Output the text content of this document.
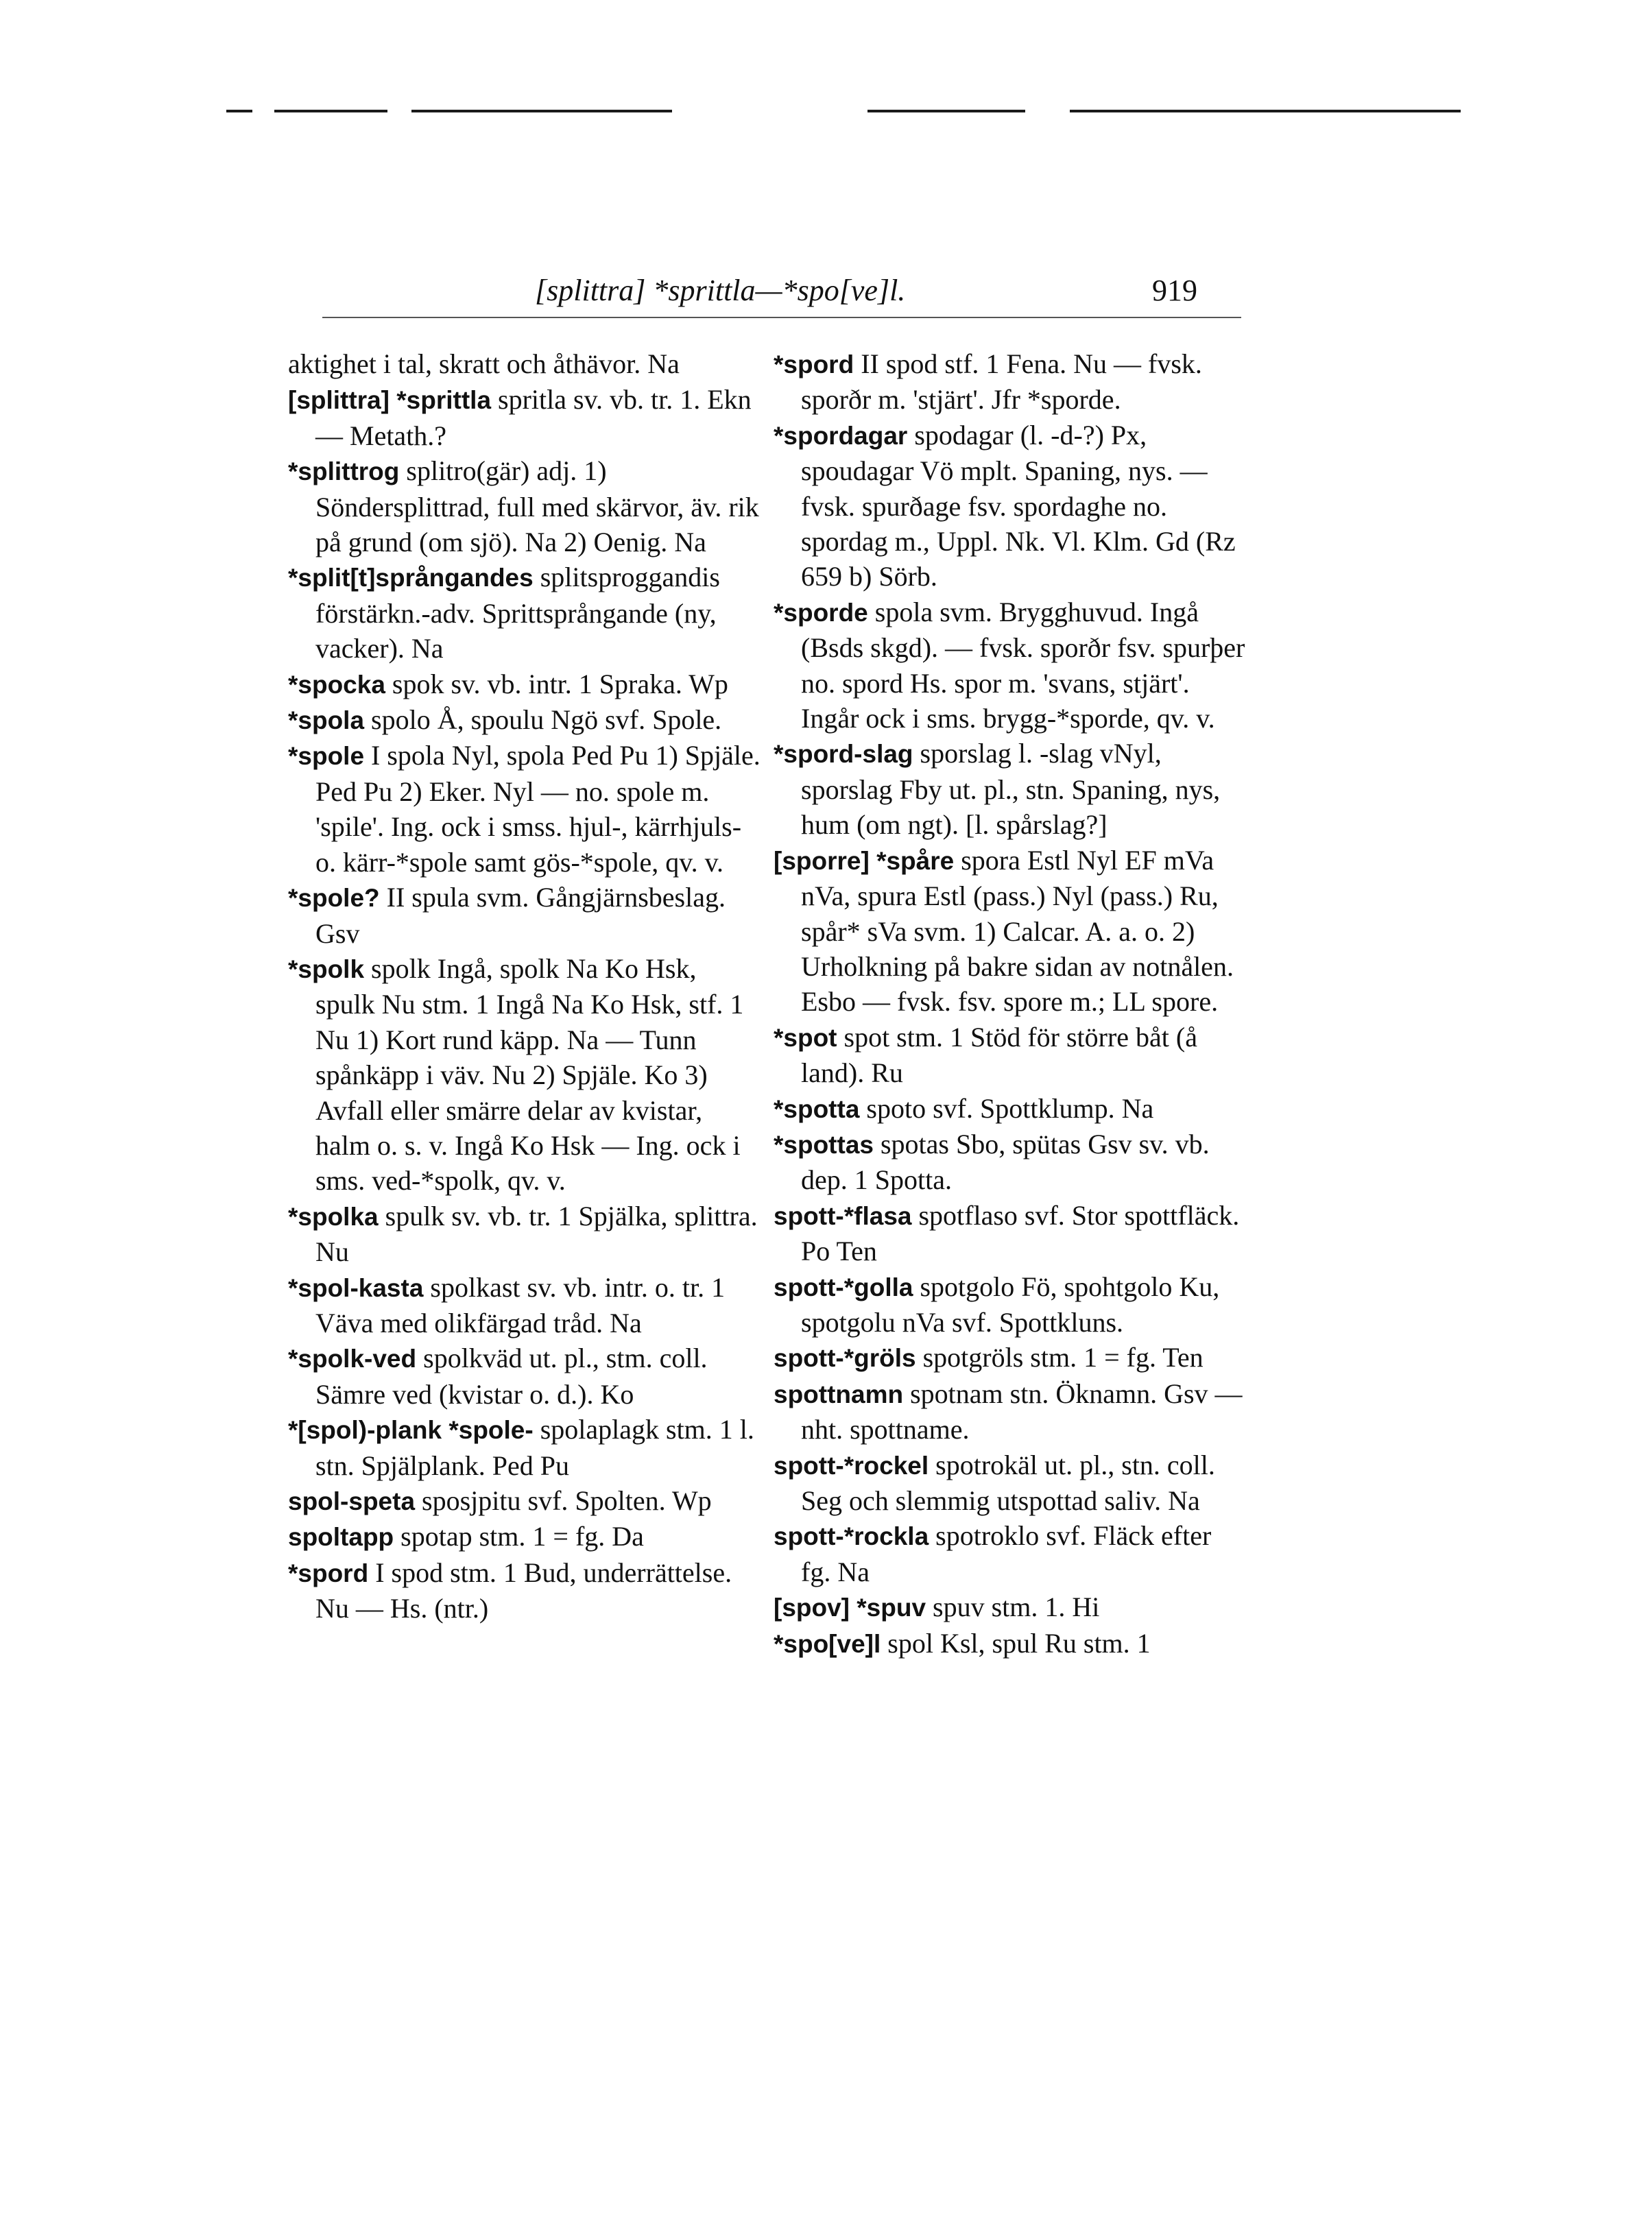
[splittra] *sprittla—*spo[ve]l.	919

aktighet i tal, skratt och åthävor. Na

[splittra] *sprittla spritla sv. vb. tr. 1. Ekn — Metath.?

*splittrog splitro(gär) adj. 1) Söndersplittrad, full med skärvor, äv. rik på grund (om sjö). Na 2) Oenig. Na

*split[t]språngandes splitsproggandis förstärkn.-adv. Sprittsprångande (ny, vacker). Na

*spocka spok sv. vb. intr. 1 Spraka. Wp

*spola spolo Å, spoulu Ngö svf. Spole.

*spole I spola Nyl, spola Ped Pu 1) Spjäle. Ped Pu 2) Eker. Nyl — no. spole m. 'spile'. Ing. ock i smss. hjul-, kärrhjuls- o. kärr-*spole samt gös-*spole, qv. v.

*spole? II spula svm. Gångjärnsbeslag. Gsv

*spolk spolk Ingå, spolk Na Ko Hsk, spulk Nu stm. 1 Ingå Na Ko Hsk, stf. 1 Nu 1) Kort rund käpp. Na — Tunn spånkäpp i väv. Nu 2) Spjäle. Ko 3) Avfall eller smärre delar av kvistar, halm o. s. v. Ingå Ko Hsk — Ing. ock i sms. ved-*spolk, qv. v.

*spolka spulk sv. vb. tr. 1 Spjälka, splittra. Nu

*spol-kasta spolkast sv. vb. intr. o. tr. 1 Väva med olikfärgad tråd. Na

*spolk-ved spolkväd ut. pl., stm. coll. Sämre ved (kvistar o. d.). Ko

*[spol)-plank *spole- spolaplagk stm. 1 l. stn. Spjälplank. Ped Pu

spol-speta sposjpitu svf. Spolten. Wp

spoltapp spotap stm. 1 = fg. Da

*spord I spod stm. 1 Bud, underrättelse. Nu — Hs. (ntr.)

*spord II spod stf. 1 Fena. Nu — fvsk. sporðr m. 'stjärt'. Jfr *sporde.

*spordagar spodagar (l. -d-?) Px, spoudagar Vö mplt. Spaning, nys. — fvsk. spurðage fsv. spordaghe no. spordag m., Uppl. Nk. Vl. Klm. Gd (Rz 659 b) Sörb.

*sporde spola svm. Brygghuvud. Ingå (Bsds skgd). — fvsk. sporðr fsv. spurþer no. spord Hs. spor m. 'svans, stjärt'. Ingår ock i sms. brygg-*sporde, qv. v.

*spord-slag sporslag l. -slag vNyl, sporslag Fby ut. pl., stn. Spaning, nys, hum (om ngt). [l. spårslag?]

[sporre] *spåre spora Estl Nyl EF mVa nVa, spura Estl (pass.) Nyl (pass.) Ru, spår* sVa svm. 1) Calcar. A. a. o. 2) Urholkning på bakre sidan av notnålen. Esbo — fvsk. fsv. spore m.; LL spore.

*spot spot stm. 1 Stöd för större båt (å land). Ru

*spotta spoto svf. Spottklump. Na

*spottas spotas Sbo, spütas Gsv sv. vb. dep. 1 Spotta.

spott-*flasa spotflaso svf. Stor spottfläck. Po Ten

spott-*golla spotgolo Fö, spohtgolo Ku, spotgolu nVa svf. Spottkluns.

spott-*gröls spotgröls stm. 1 = fg. Ten

spottnamn spotnam stn. Öknamn. Gsv — nht. spottname.

spott-*rockel spotrokäl ut. pl., stn. coll. Seg och slemmig utspottad saliv. Na

spott-*rockla spotroklo svf. Fläck efter fg. Na

[spov] *spuv spuv stm. 1. Hi

*spo[ve]l spol Ksl, spul Ru stm. 1
